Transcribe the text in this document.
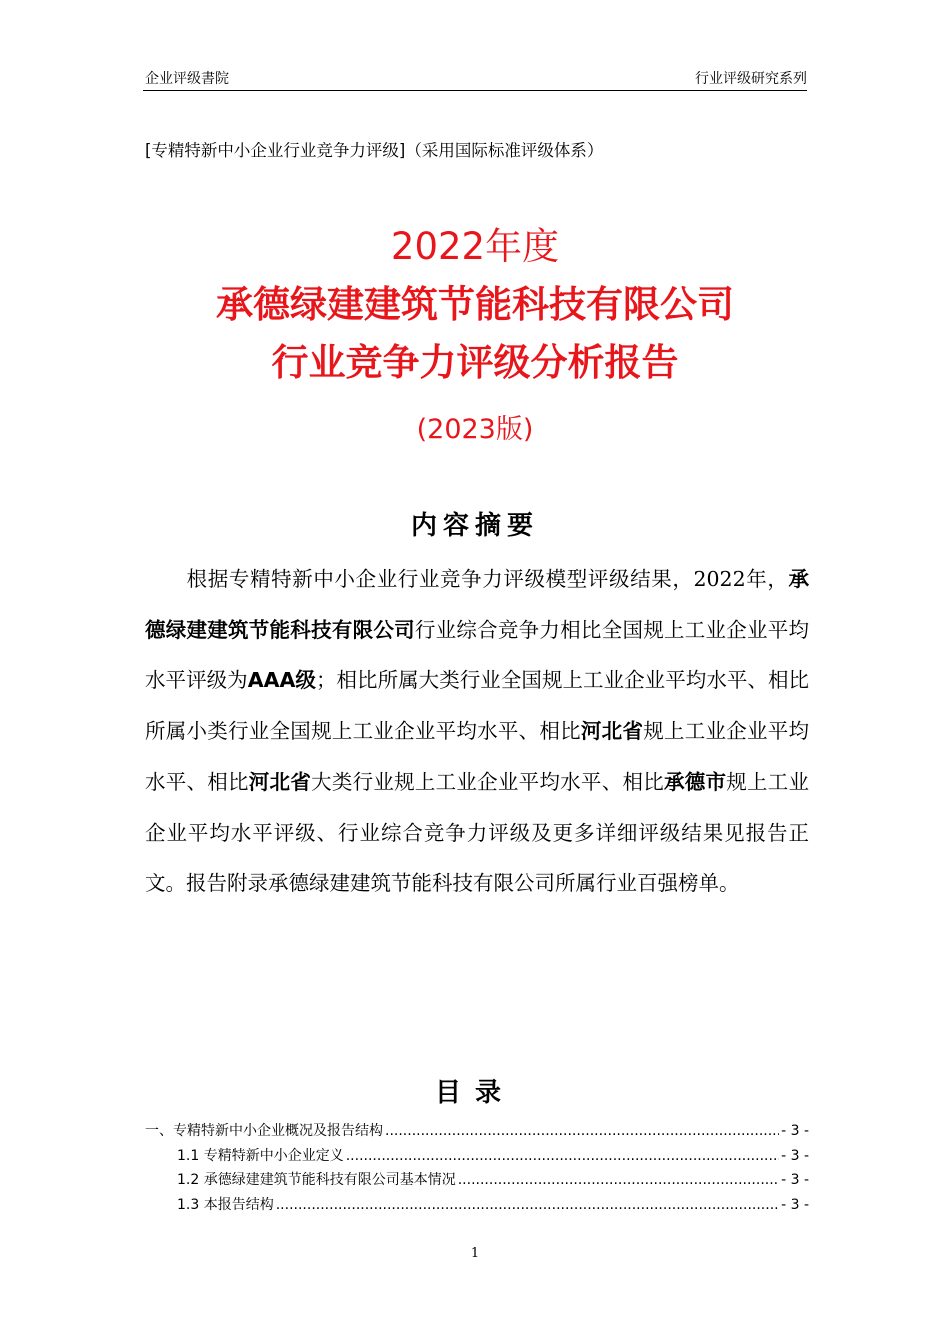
企业评级書院	行业评级研究系列
[专精特新中小企业行业竞争力评级]（采用国际标准评级体系）
2022年度
承德绿建建筑节能科技有限公司
行业竞争力评级分析报告
(2023版)
内容摘要
根据专精特新中小企业行业竞争力评级模型评级结果，2022年，承德绿建建筑节能科技有限公司行业综合竞争力相比全国规上工业企业平均水平评级为AAA级；相比所属大类行业全国规上工业企业平均水平、相比所属小类行业全国规上工业企业平均水平、相比河北省规上工业企业平均水平、相比河北省大类行业规上工业企业平均水平、相比承德市规上工业企业平均水平评级、行业综合竞争力评级及更多详细评级结果见报告正文。报告附录承德绿建建筑节能科技有限公司所属行业百强榜单。
目录
一、专精特新中小企业概况及报告结构 .....	- 3 -
1.1 专精特新中小企业定义 .....	- 3 -
1.2 承德绿建建筑节能科技有限公司基本情况 .....	- 3 -
1.3 本报告结构 .....	- 3 -
1
